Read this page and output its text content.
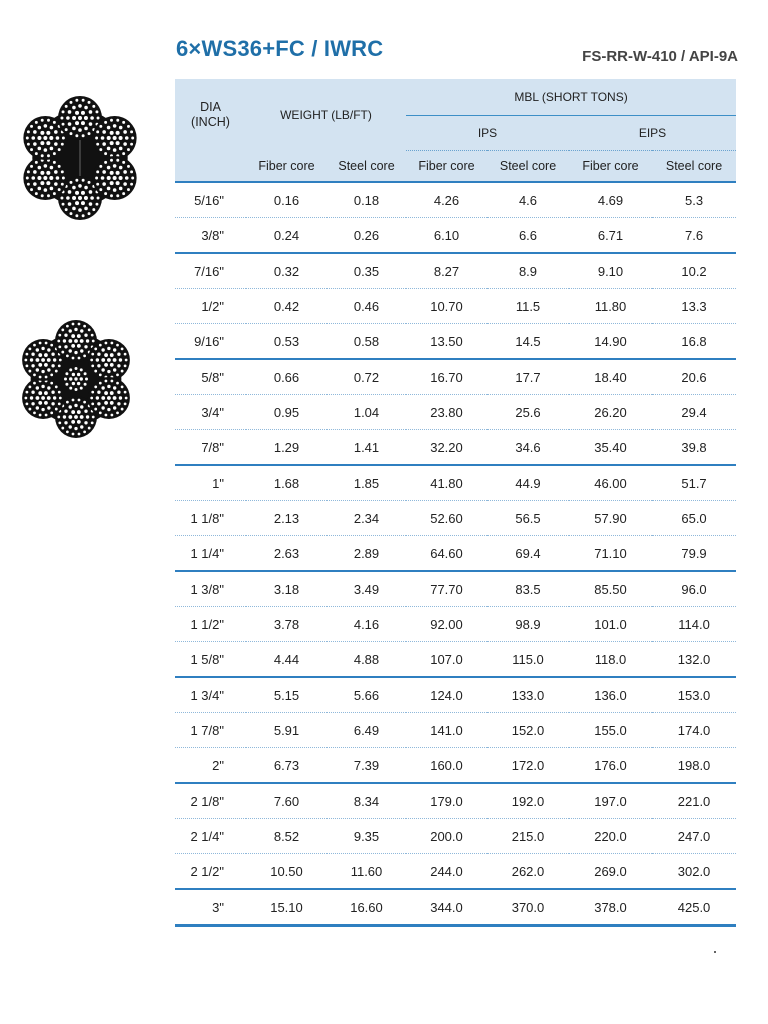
6×WS36+FC / IWRC	FS-RR-W-410 / API-9A
DIA
(INCH)	WEIGHT (LB/FT)		MBL (SHORT TONS)			
			IPS		EIPS	
	Fiber core	Steel core	Fiber core	Steel core	Fiber core	Steel core
5/16"	0.16	0.18	4.26	4.6	4.69	5.3
3/8"	0.24	0.26	6.10	6.6	6.71	7.6
7/16"	0.32	0.35	8.27	8.9	9.10	10.2
1/2"	0.42	0.46	10.70	11.5	11.80	13.3
9/16"	0.53	0.58	13.50	14.5	14.90	16.8
5/8"	0.66	0.72	16.70	17.7	18.40	20.6
3/4"	0.95	1.04	23.80	25.6	26.20	29.4
7/8"	1.29	1.41	32.20	34.6	35.40	39.8
1"	1.68	1.85	41.80	44.9	46.00	51.7
1 1/8"	2.13	2.34	52.60	56.5	57.90	65.0
1 1/4"	2.63	2.89	64.60	69.4	71.10	79.9
1 3/8"	3.18	3.49	77.70	83.5	85.50	96.0
1 1/2"	3.78	4.16	92.00	98.9	101.0	114.0
1 5/8"	4.44	4.88	107.0	115.0	118.0	132.0
1 3/4"	5.15	5.66	124.0	133.0	136.0	153.0
1 7/8"	5.91	6.49	141.0	152.0	155.0	174.0
2"	6.73	7.39	160.0	172.0	176.0	198.0
2 1/8"	7.60	8.34	179.0	192.0	197.0	221.0
2 1/4"	8.52	9.35	200.0	215.0	220.0	247.0
2 1/2"	10.50	11.60	244.0	262.0	269.0	302.0
3"	15.10	16.60	344.0	370.0	378.0	425.0
